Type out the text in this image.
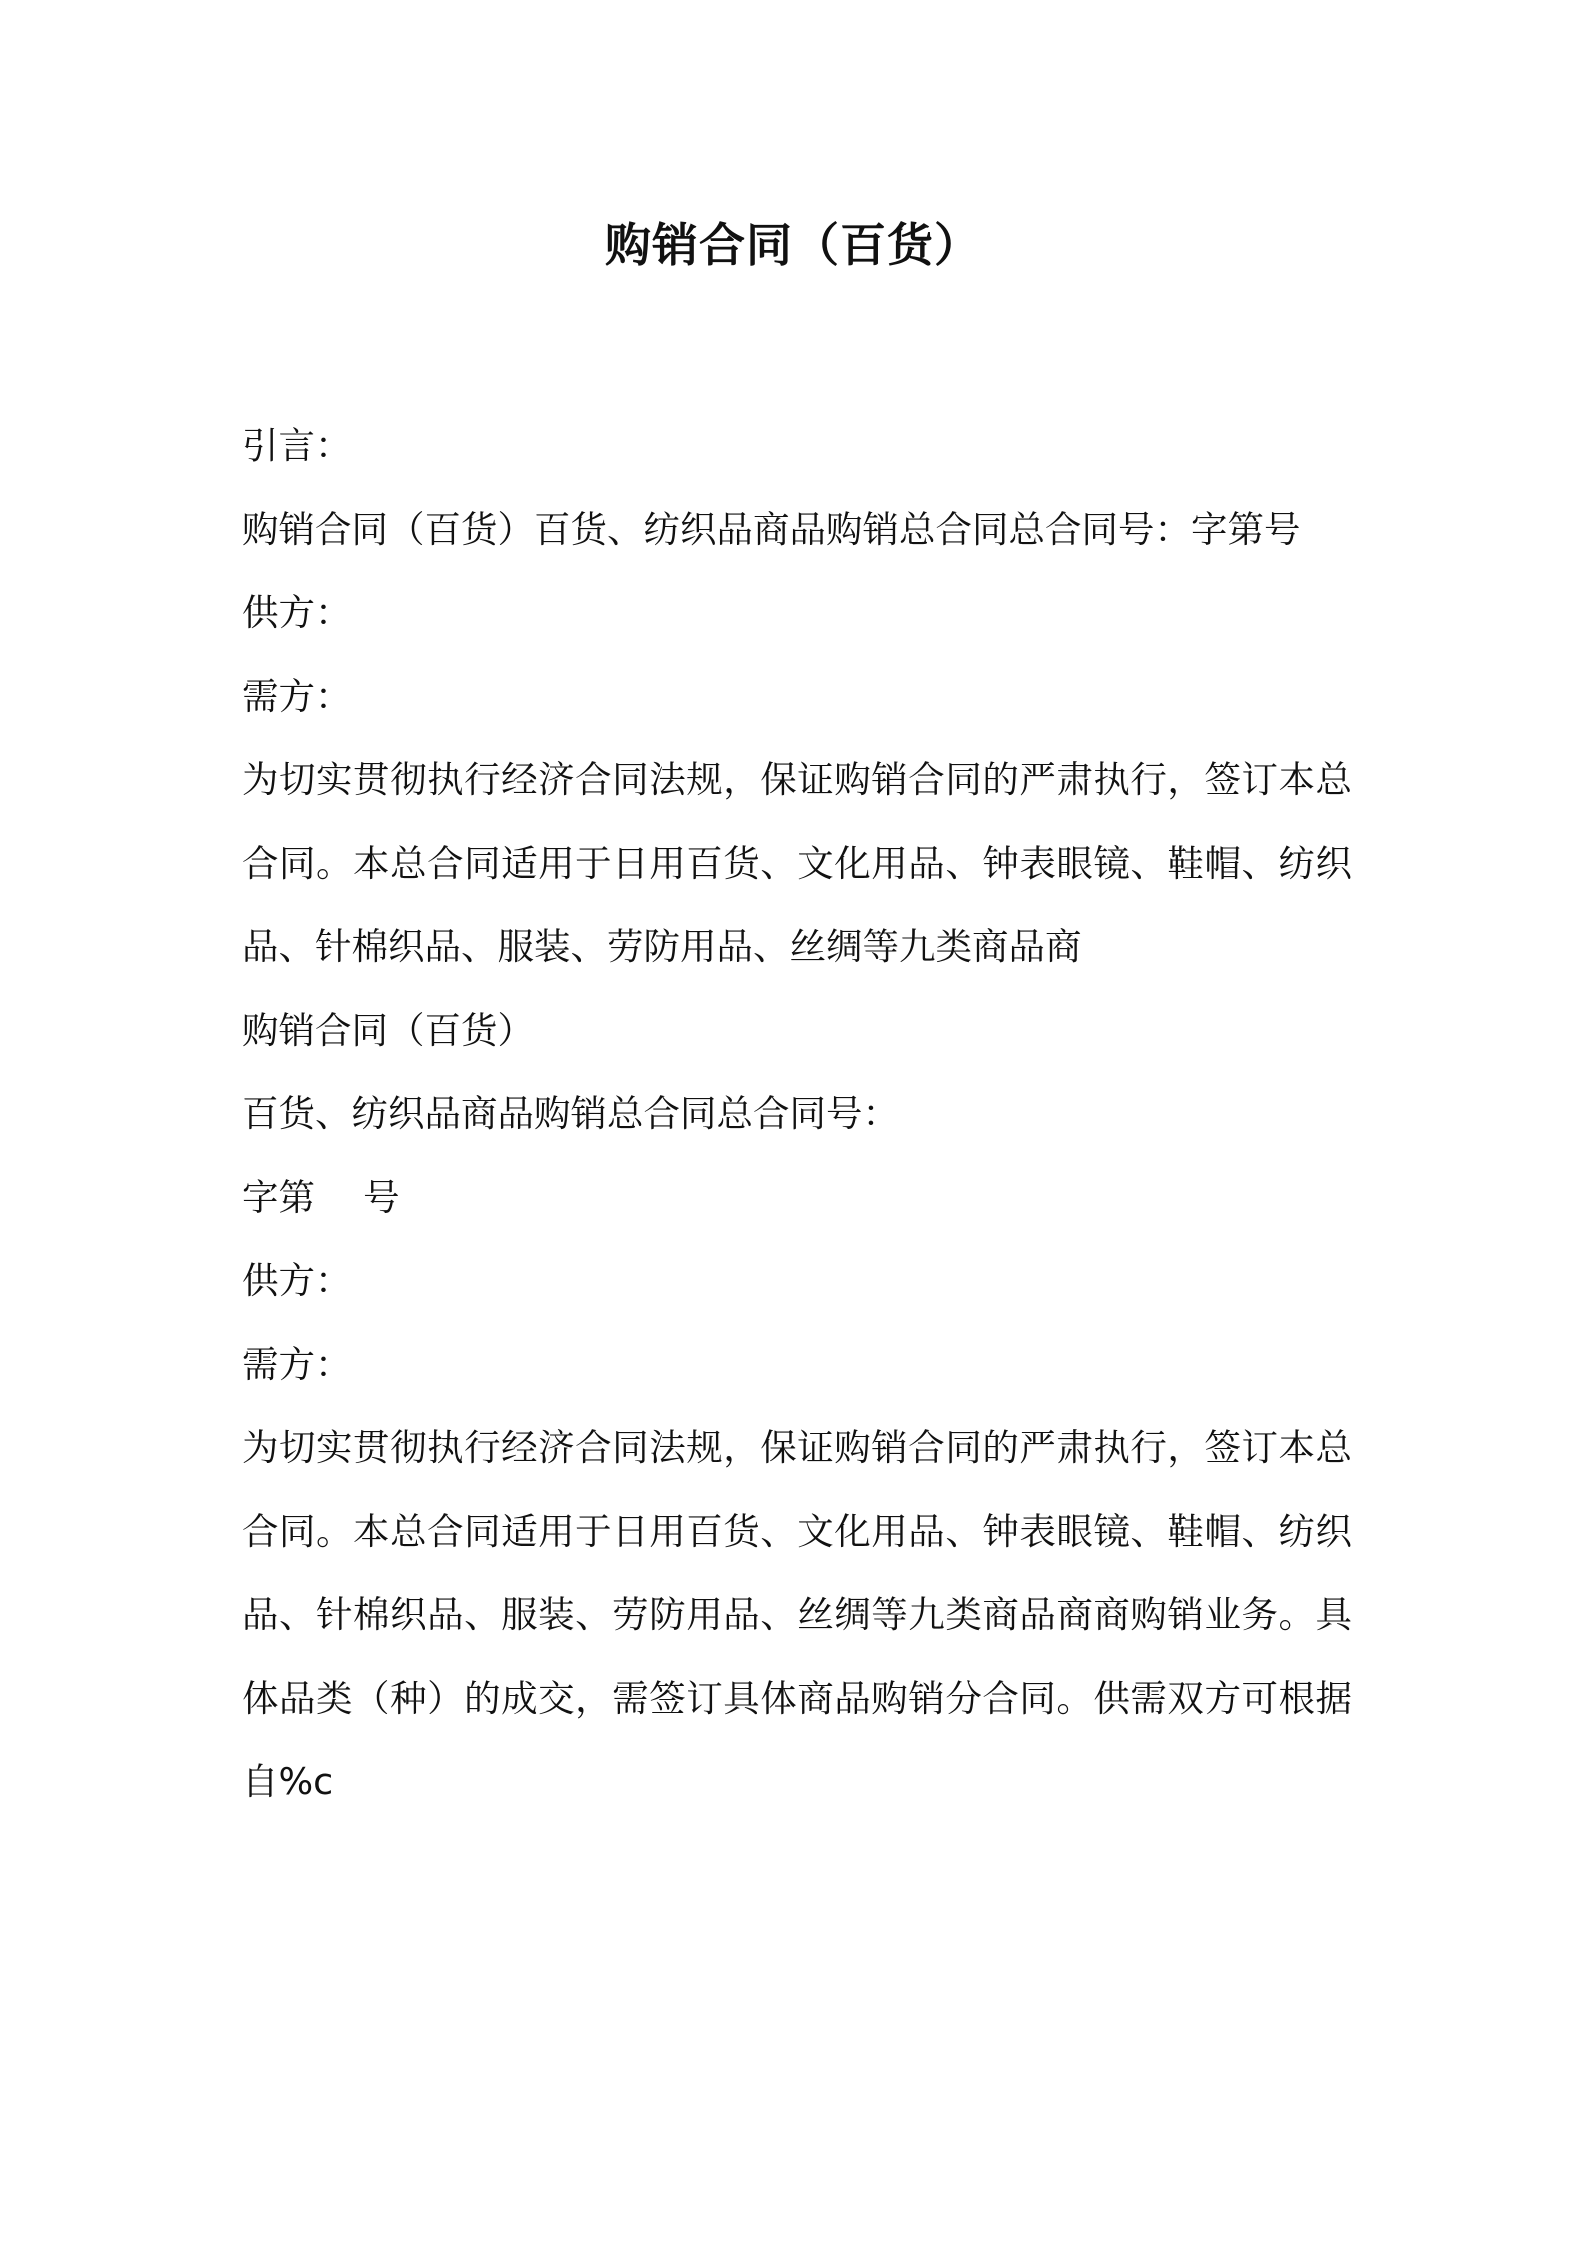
购销合同（百货）

引言：

购销合同（百货）百货、纺织品商品购销总合同总合同号：字第号

供方：

需方：

为切实贯彻执行经济合同法规，保证购销合同的严肃执行，签订本总合同。本总合同适用于日用百货、文化用品、钟表眼镜、鞋帽、纺织品、针棉织品、服装、劳防用品、丝绸等九类商品商

购销合同（百货）

百货、纺织品商品购销总合同总合同号：

字第　 号

供方：

需方：

为切实贯彻执行经济合同法规，保证购销合同的严肃执行，签订本总合同。本总合同适用于日用百货、文化用品、钟表眼镜、鞋帽、纺织品、针棉织品、服装、劳防用品、丝绸等九类商品商商购销业务。具体品类（种）的成交，需签订具体商品购销分合同。供需双方可根据自%c
